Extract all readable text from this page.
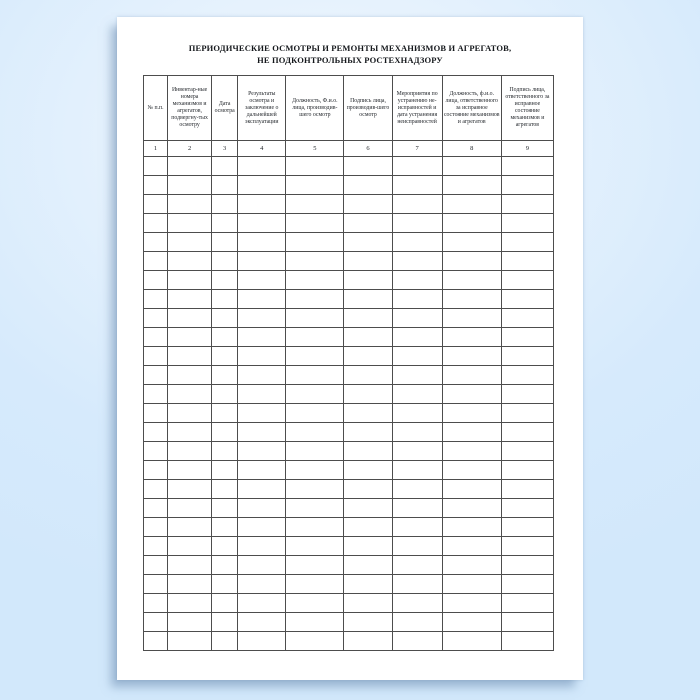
ПЕРИОДИЧЕСКИЕ ОСМОТРЫ И РЕМОНТЫ МЕХАНИЗМОВ И АГРЕГАТОВ,
НЕ ПОДКОНТРОЛЬНЫХ РОСТЕХНАДЗОРУ
№ п.п.	Инвентар-ные номера механизмов и агрегатов, подвергну-тых осмотру	Дата осмотра	Результаты осмотра и заключение о дальнейшей эксплуатации	Должность, Ф.и.о. лица, производив-шего осмотр	Подпись лица, производив-шего осмотр	Мероприятия по устранению не-исправностей и дата устранения неисправностей	Должность, ф.и.о. лица, ответственного за исправное состояние механизмов и агрегатов	Подпись лица, ответственного за исправное состояние механизмов и агрегатов
1	2	3	4	5	6	7	8	9
